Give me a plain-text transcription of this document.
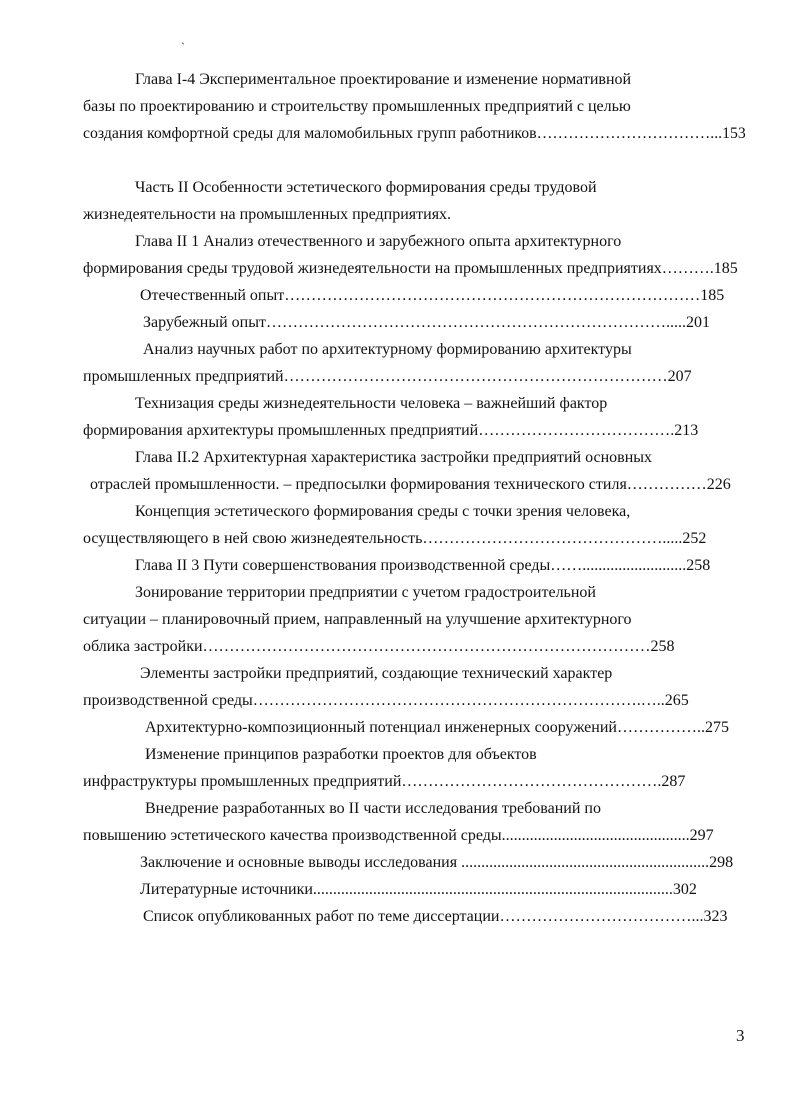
`
Глава I-4 Экспериментальное проектирование и изменение нормативной
базы по проектированию и строительству промышленных предприятий с целью
создания комфортной среды для маломобильных групп работников……………………………...153
Часть II Особенности эстетического формирования среды трудовой
жизнедеятельности на промышленных предприятиях.
Глава II 1 Анализ отечественного и зарубежного опыта архитектурного
формирования среды трудовой жизнедеятельности на промышленных предприятиях……….185
Отечественный опыт……………………………………………………………………185
Зарубежный опыт………………………………………………………………….....201
Анализ научных работ по архитектурному формированию архитектуры
промышленных предприятий………………………………………………………………207
Технизация среды жизнедеятельности человека – важнейший фактор
формирования архитектуры промышленных предприятий……………………………….213
Глава II.2 Архитектурная характеристика застройки предприятий основных
отраслей промышленности. – предпосылки формирования технического стиля……………226
Концепция эстетического формирования среды с точки зрения человека,
осуществляющего в ней свою жизнедеятельность……………………………………….....252
Глава II 3 Пути совершенствования производственной среды……..........................258
Зонирование территории предприятии с учетом градостроительной
ситуации – планировочный прием, направленный на улучшение архитектурного
облика застройки…………………………………………………………………………258
Элементы застройки предприятий, создающие технический характер
производственной среды……………………………………………………………….…..265
Архитектурно-композиционный потенциал инженерных сооружений……………..275
Изменение принципов разработки проектов для объектов
инфраструктуры промышленных предприятий………………………………………….287
Внедрение разработанных во II части исследования требований по
повышению эстетического качества производственной среды...............................................297
Заключение и основные выводы исследования ..............................................................298
Литературные источники..........................................................................................302
Список опубликованных работ по теме диссертации………………………………...323
3
